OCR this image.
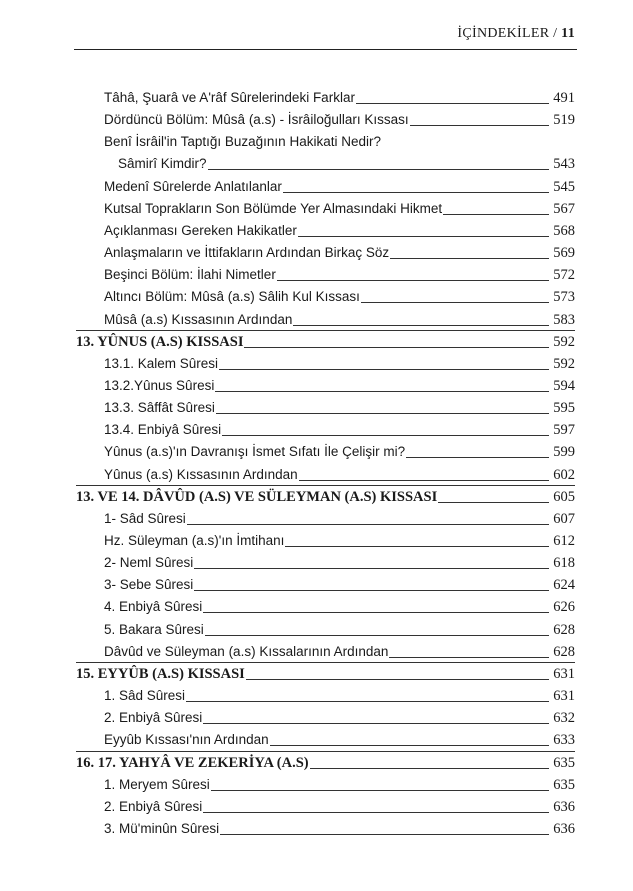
İÇİNDEKİLER / 11
Tâhâ, Şuarâ ve A'râf Sûrelerindeki Farklar	491
Dördüncü Bölüm: Mûsâ (a.s) - İsrâiloğulları Kıssası	519
Benî İsrâil'in Taptığı Buzağının Hakikati Nedir?
Sâmirî Kimdir?	543
Medenî Sûrelerde Anlatılanlar	545
Kutsal Toprakların Son Bölümde Yer Almasındaki Hikmet	567
Açıklanması Gereken Hakikatler	568
Anlaşmaların ve İttifakların Ardından Birkaç Söz	569
Beşinci Bölüm: İlahi Nimetler	572
Altıncı Bölüm: Mûsâ (a.s) Sâlih Kul Kıssası	573
Mûsâ (a.s) Kıssasının Ardından	583
13. YÛNUS (A.S) KISSASI	592
13.1. Kalem Sûresi	592
13.2.Yûnus Sûresi	594
13.3. Sâffât Sûresi	595
13.4. Enbiyâ Sûresi	597
Yûnus (a.s)'ın Davranışı İsmet Sıfatı İle Çelişir mi?	599
Yûnus (a.s) Kıssasının Ardından	602
13. VE 14. DÂVÛD (A.S) VE SÜLEYMAN (A.S) KISSASI	605
1- Sâd Sûresi	607
Hz. Süleyman (a.s)'ın İmtihanı	612
2- Neml Sûresi	618
3- Sebe Sûresi	624
4. Enbiyâ Sûresi	626
5. Bakara Sûresi	628
Dâvûd ve Süleyman (a.s) Kıssalarının Ardından	628
15. EYYÛB (A.S) KISSASI	631
1. Sâd Sûresi	631
2. Enbiyâ Sûresi	632
Eyyûb Kıssası'nın Ardından	633
16. 17. YAHYÂ VE ZEKERİYA (A.S)	635
1. Meryem Sûresi	635
2. Enbiyâ Sûresi	636
3. Mü'minûn Sûresi	636
